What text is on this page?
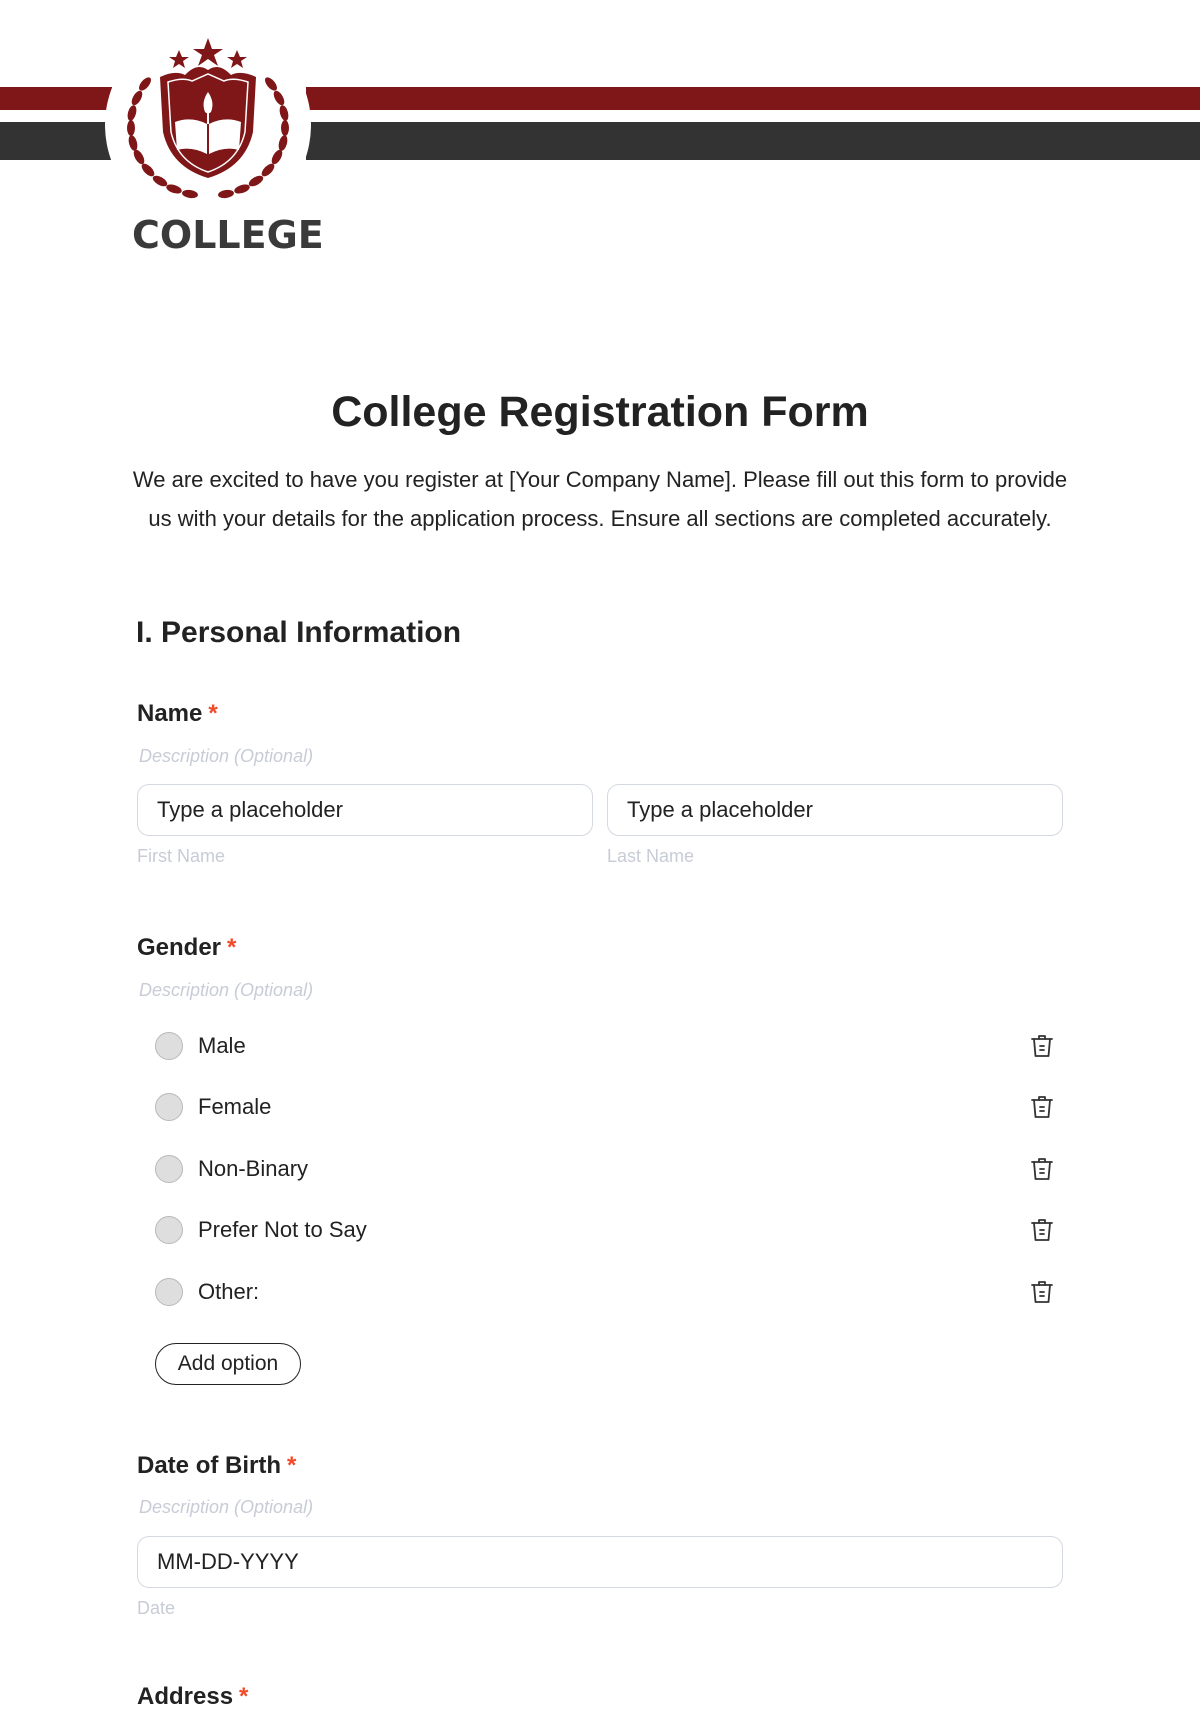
COLLEGE
College Registration Form
We are excited to have you register at [Your Company Name]. Please fill out this form to provide us with your details for the application process. Ensure all sections are completed accurately.
I. Personal Information
Name *
Description (Optional)
Type a placeholder	Type a placeholder
First Name	Last Name
Gender *
Description (Optional)
Male
Female
Non-Binary
Prefer Not to Say
Other:
Add option
Date of Birth *
Description (Optional)
MM-DD-YYYY
Date
Address *
